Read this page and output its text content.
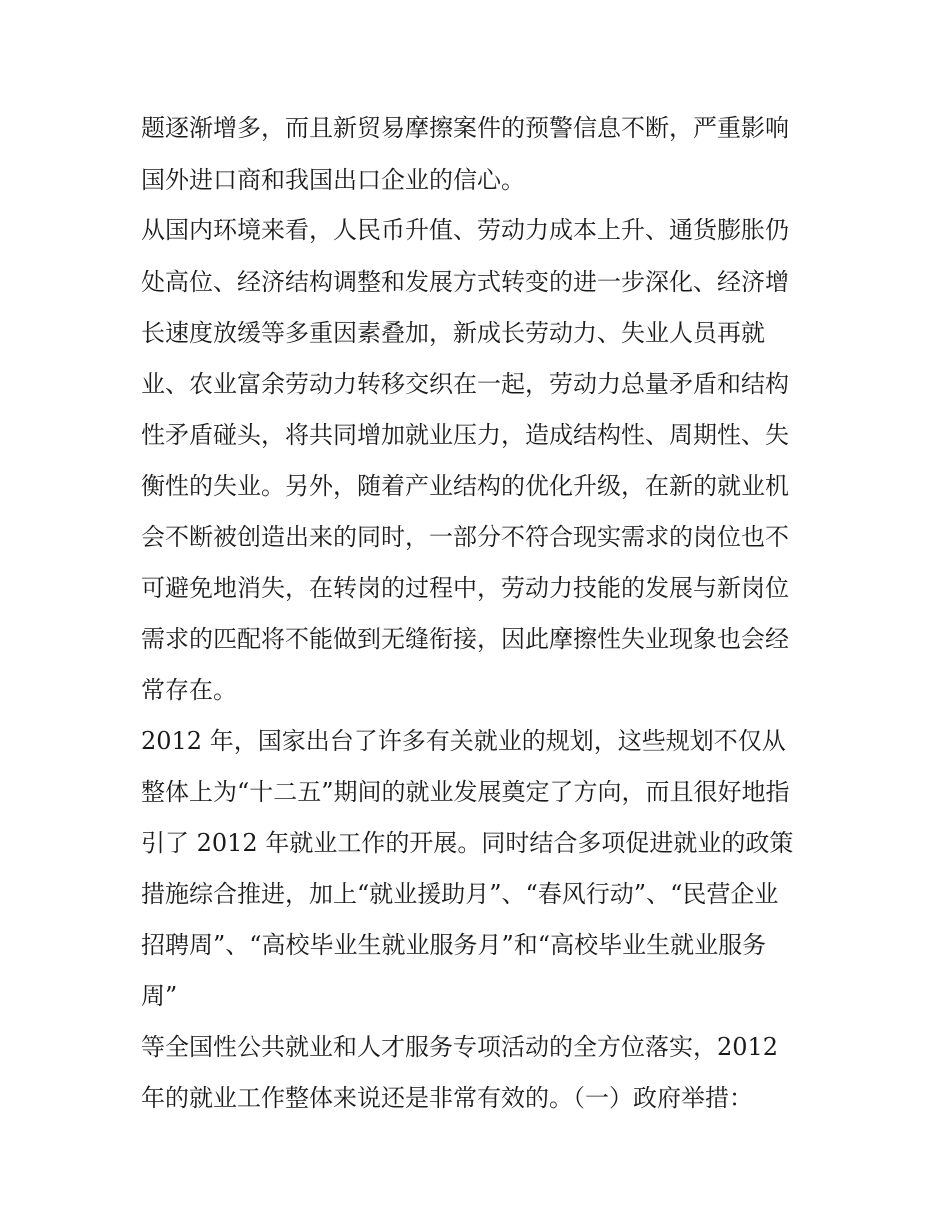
题逐渐增多，而且新贸易摩擦案件的预警信息不断，严重影响
国外进口商和我国出口企业的信心。
从国内环境来看，人民币升值、劳动力成本上升、通货膨胀仍
处高位、经济结构调整和发展方式转变的进一步深化、经济增
长速度放缓等多重因素叠加，新成长劳动力、失业人员再就
业、农业富余劳动力转移交织在一起，劳动力总量矛盾和结构
性矛盾碰头，将共同增加就业压力，造成结构性、周期性、失
衡性的失业。另外，随着产业结构的优化升级，在新的就业机
会不断被创造出来的同时，一部分不符合现实需求的岗位也不
可避免地消失，在转岗的过程中，劳动力技能的发展与新岗位
需求的匹配将不能做到无缝衔接，因此摩擦性失业现象也会经
常存在。
2012 年，国家出台了许多有关就业的规划，这些规划不仅从
整体上为“十二五”期间的就业发展奠定了方向，而且很好地指
引了 2012 年就业工作的开展。同时结合多项促进就业的政策
措施综合推进，加上“就业援助月”、“春风行动”、“民营企业
招聘周”、“高校毕业生就业服务月”和“高校毕业生就业服务
周”
等全国性公共就业和人才服务专项活动的全方位落实，2012
年的就业工作整体来说还是非常有效的。（一）政府举措：
